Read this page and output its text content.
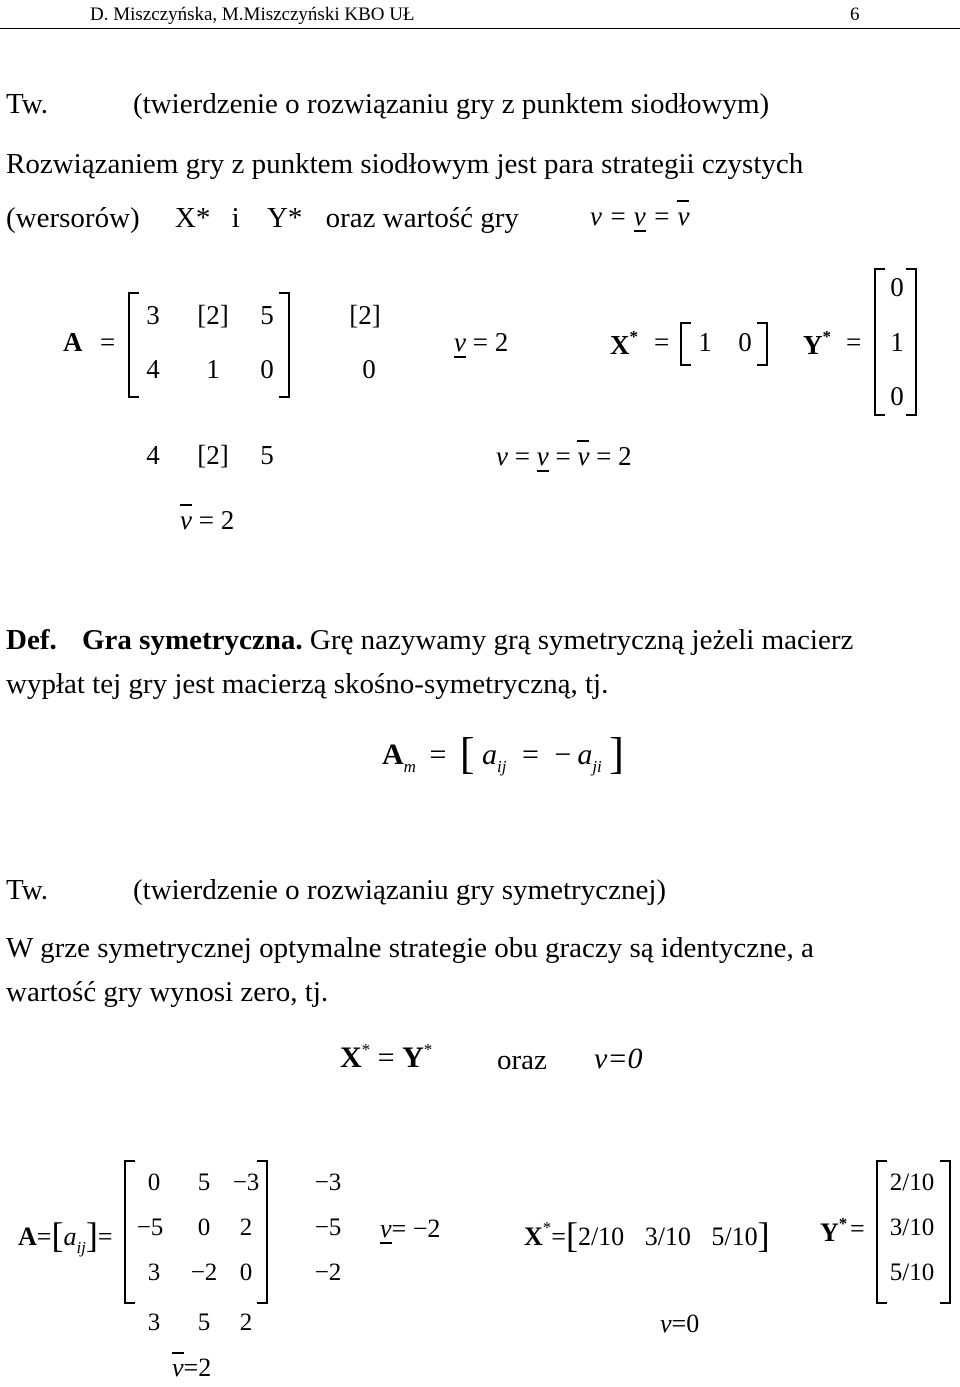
D. Miszczyńska, M.Miszczyński KBO UŁ	6
Tw.	(twierdzenie o rozwiązaniu gry z punktem siodłowym)
Rozwiązaniem gry z punktem siodłowym jest para strategii czystych
(wersorów) X* i Y* oraz wartość gry	v = v = v
A =
3	[2]	5
4	1	0
[2]
0
v = 2	X* =	1 0	Y* =
0
1
0
4	[2]	5	v = v = v = 2
v = 2
Def. Gra symetryczna. Grę nazywamy grą symetryczną jeżeli macierz
wypłat tej gry jest macierzą skośno-symetryczną, tj.
$A_m$ = [ $a_{ij}$ = − $a_{ji}$ ]
Tw.	(twierdzenie o rozwiązaniu gry symetrycznej)
W grze symetrycznej optymalne strategie obu graczy są identyczne, a
wartość gry wynosi zero, tj.
X* = Y* oraz v=0
$A=[a_{ij}]=$
0	5 −3
−5	0	2
3	−2 0
−3
−5
−2
v= −2	X*=[2/10 3/10 5/10] Y* =
2/10
3/10
5/10
3	5	2	v=0
v=2
